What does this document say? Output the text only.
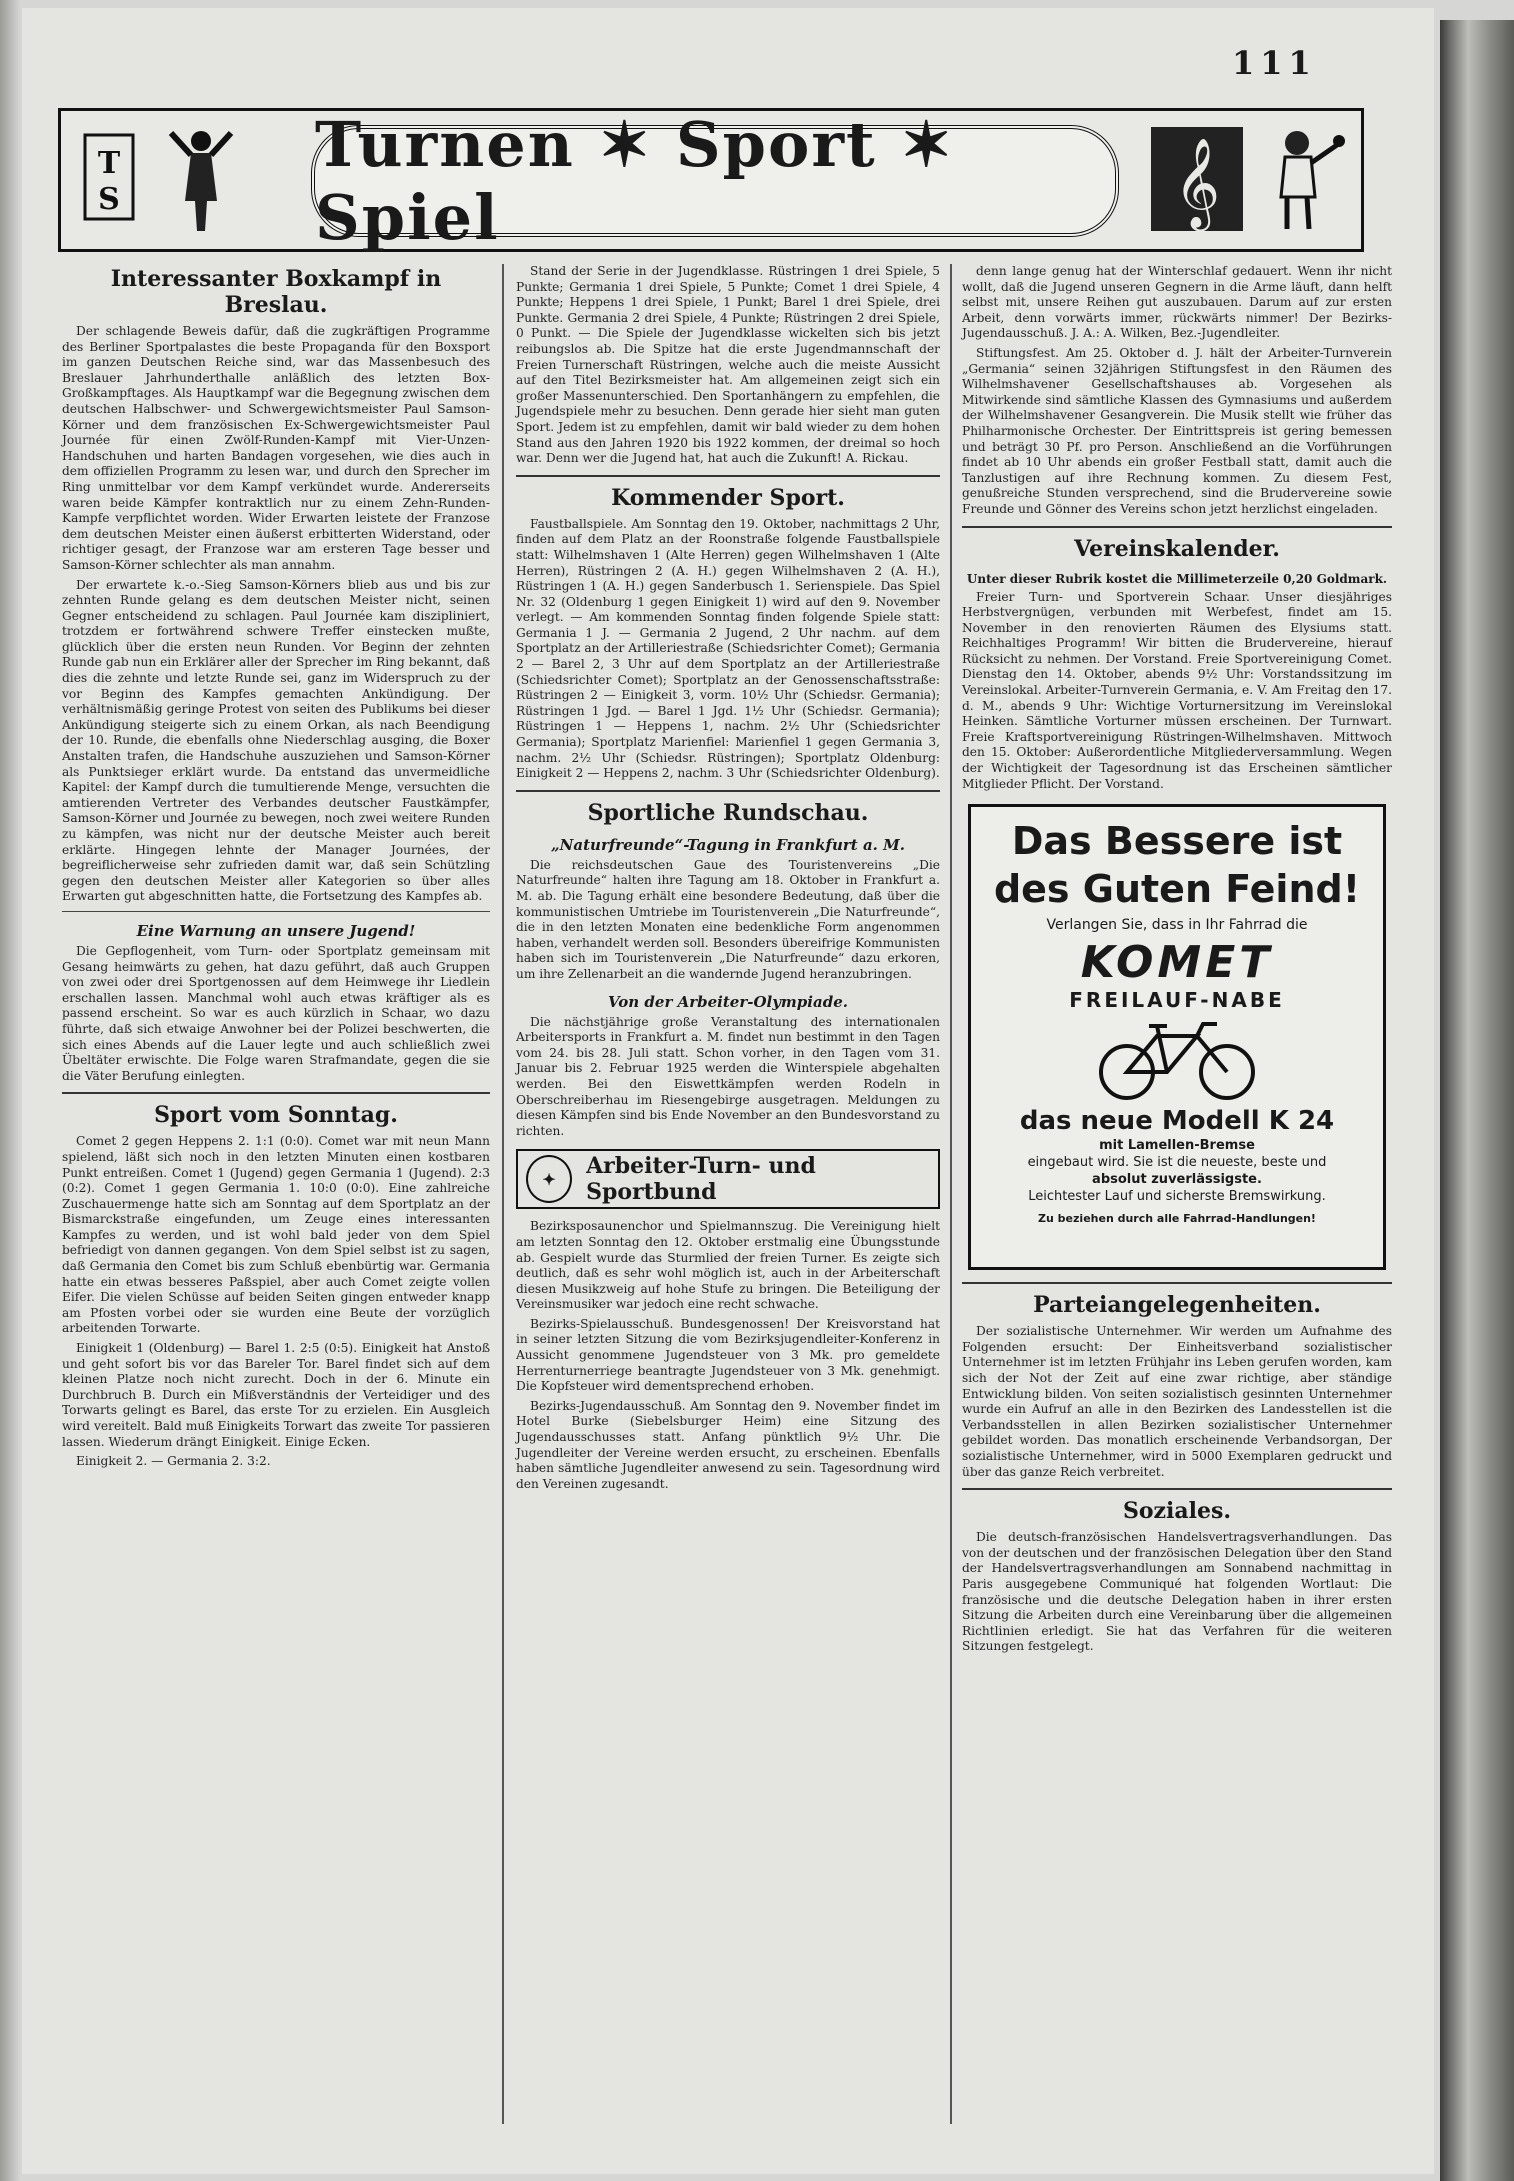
111
T
S
Turnen ✶ Sport ✶ Spiel	𝄞
Interessanter Boxkampf in Breslau.

Der schlagende Beweis dafür, daß die zugkräftigen Programme des Berliner Sportpalastes die beste Propaganda für den Boxsport im ganzen Deutschen Reiche sind, war das Massenbesuch des Breslauer Jahrhunderthalle anläßlich des letzten Box-Großkampftages. Als Hauptkampf war die Begegnung zwischen dem deutschen Halbschwer- und Schwergewichtsmeister Paul Samson-Körner und dem französischen Ex-Schwergewichtsmeister Paul Journée für einen Zwölf-Runden-Kampf mit Vier-Unzen-Handschuhen und harten Bandagen vorgesehen, wie dies auch in dem offiziellen Programm zu lesen war, und durch den Sprecher im Ring unmittelbar vor dem Kampf verkündet wurde. Andererseits waren beide Kämpfer kontraktlich nur zu einem Zehn-Runden-Kampfe verpflichtet worden. Wider Erwarten leistete der Franzose dem deutschen Meister einen äußerst erbitterten Widerstand, oder richtiger gesagt, der Franzose war am ersteren Tage besser und Samson-Körner schlechter als man annahm.

Der erwartete k.-o.-Sieg Samson-Körners blieb aus und bis zur zehnten Runde gelang es dem deutschen Meister nicht, seinen Gegner entscheidend zu schlagen. Paul Journée kam diszipliniert, trotzdem er fortwährend schwere Treffer einstecken mußte, glücklich über die ersten neun Runden. Vor Beginn der zehnten Runde gab nun ein Erklärer aller der Sprecher im Ring bekannt, daß dies die zehnte und letzte Runde sei, ganz im Widerspruch zu der vor Beginn des Kampfes gemachten Ankündigung. Der verhältnismäßig geringe Protest von seiten des Publikums bei dieser Ankündigung steigerte sich zu einem Orkan, als nach Beendigung der 10. Runde, die ebenfalls ohne Niederschlag ausging, die Boxer Anstalten trafen, die Handschuhe auszuziehen und Samson-Körner als Punktsieger erklärt wurde. Da entstand das unvermeidliche Kapitel: der Kampf durch die tumultierende Menge, versuchten die amtierenden Vertreter des Verbandes deutscher Faustkämpfer, Samson-Körner und Journée zu bewegen, noch zwei weitere Runden zu kämpfen, was nicht nur der deutsche Meister auch bereit erklärte. Hingegen lehnte der Manager Journées, der begreiflicherweise sehr zufrieden damit war, daß sein Schützling gegen den deutschen Meister aller Kategorien so über alles Erwarten gut abgeschnitten hatte, die Fortsetzung des Kampfes ab.

Eine Warnung an unsere Jugend!

Die Gepflogenheit, vom Turn- oder Sportplatz gemeinsam mit Gesang heimwärts zu gehen, hat dazu geführt, daß auch Gruppen von zwei oder drei Sportgenossen auf dem Heimwege ihr Liedlein erschallen lassen. Manchmal wohl auch etwas kräftiger als es passend erscheint. So war es auch kürzlich in Schaar, wo dazu führte, daß sich etwaige Anwohner bei der Polizei beschwerten, die sich eines Abends auf die Lauer legte und auch schließlich zwei Übeltäter erwischte. Die Folge waren Strafmandate, gegen die sie die Väter Berufung einlegten.

Sport vom Sonntag.

Comet 2 gegen Heppens 2. 1:1 (0:0). Comet war mit neun Mann spielend, läßt sich noch in den letzten Minuten einen kostbaren Punkt entreißen. Comet 1 (Jugend) gegen Germania 1 (Jugend). 2:3 (0:2). Comet 1 gegen Germania 1. 10:0 (0:0). Eine zahlreiche Zuschauermenge hatte sich am Sonntag auf dem Sportplatz an der Bismarckstraße eingefunden, um Zeuge eines interessanten Kampfes zu werden, und ist wohl bald jeder von dem Spiel befriedigt von dannen gegangen. Von dem Spiel selbst ist zu sagen, daß Germania den Comet bis zum Schluß ebenbürtig war. Germania hatte ein etwas besseres Paßspiel, aber auch Comet zeigte vollen Eifer. Die vielen Schüsse auf beiden Seiten gingen entweder knapp am Pfosten vorbei oder sie wurden eine Beute der vorzüglich arbeitenden Torwarte.

Einigkeit 1 (Oldenburg) — Barel 1. 2:5 (0:5). Einigkeit hat Anstoß und geht sofort bis vor das Bareler Tor. Barel findet sich auf dem kleinen Platze noch nicht zurecht. Doch in der 6. Minute ein Durchbruch B. Durch ein Mißverständnis der Verteidiger und des Torwarts gelingt es Barel, das erste Tor zu erzielen. Ein Ausgleich wird vereitelt. Bald muß Einigkeits Torwart das zweite Tor passieren lassen. Wiederum drängt Einigkeit. Einige Ecken.

Einigkeit 2. — Germania 2. 3:2.

Stand der Serie in der Jugendklasse. Rüstringen 1 drei Spiele, 5 Punkte; Germania 1 drei Spiele, 5 Punkte; Comet 1 drei Spiele, 4 Punkte; Heppens 1 drei Spiele, 1 Punkt; Barel 1 drei Spiele, drei Punkte. Germania 2 drei Spiele, 4 Punkte; Rüstringen 2 drei Spiele, 0 Punkt. — Die Spiele der Jugendklasse wickelten sich bis jetzt reibungslos ab. Die Spitze hat die erste Jugendmannschaft der Freien Turnerschaft Rüstringen, welche auch die meiste Aussicht auf den Titel Bezirksmeister hat. Am allgemeinen zeigt sich ein großer Massenunterschied. Den Sportanhängern zu empfehlen, die Jugendspiele mehr zu besuchen. Denn gerade hier sieht man guten Sport. Jedem ist zu empfehlen, damit wir bald wieder zu dem hohen Stand aus den Jahren 1920 bis 1922 kommen, der dreimal so hoch war. Denn wer die Jugend hat, hat auch die Zukunft! A. Rickau.

Kommender Sport.

Faustballspiele. Am Sonntag den 19. Oktober, nachmittags 2 Uhr, finden auf dem Platz an der Roonstraße folgende Faustballspiele statt: Wilhelmshaven 1 (Alte Herren) gegen Wilhelmshaven 1 (Alte Herren), Rüstringen 2 (A. H.) gegen Wilhelmshaven 2 (A. H.), Rüstringen 1 (A. H.) gegen Sanderbusch 1. Serienspiele. Das Spiel Nr. 32 (Oldenburg 1 gegen Einigkeit 1) wird auf den 9. November verlegt. — Am kommenden Sonntag finden folgende Spiele statt: Germania 1 J. — Germania 2 Jugend, 2 Uhr nachm. auf dem Sportplatz an der Artilleriestraße (Schiedsrichter Comet); Germania 2 — Barel 2, 3 Uhr auf dem Sportplatz an der Artilleriestraße (Schiedsrichter Comet); Sportplatz an der Genossenschaftsstraße: Rüstringen 2 — Einigkeit 3, vorm. 10½ Uhr (Schiedsr. Germania); Rüstringen 1 Jgd. — Barel 1 Jgd. 1½ Uhr (Schiedsr. Germania); Rüstringen 1 — Heppens 1, nachm. 2½ Uhr (Schiedsrichter Germania); Sportplatz Marienfiel: Marienfiel 1 gegen Germania 3, nachm. 2½ Uhr (Schiedsr. Rüstringen); Sportplatz Oldenburg: Einigkeit 2 — Heppens 2, nachm. 3 Uhr (Schiedsrichter Oldenburg).

Sportliche Rundschau.
„Naturfreunde“-Tagung in Frankfurt a. M.

Die reichsdeutschen Gaue des Touristenvereins „Die Naturfreunde“ halten ihre Tagung am 18. Oktober in Frankfurt a. M. ab. Die Tagung erhält eine besondere Bedeutung, daß über die kommunistischen Umtriebe im Touristenverein „Die Naturfreunde“, die in den letzten Monaten eine bedenkliche Form angenommen haben, verhandelt werden soll. Besonders übereifrige Kommunisten haben sich im Touristenverein „Die Naturfreunde“ dazu erkoren, um ihre Zellenarbeit an die wandernde Jugend heranzubringen.

Von der Arbeiter-Olympiade.

Die nächstjährige große Veranstaltung des internationalen Arbeitersports in Frankfurt a. M. findet nun bestimmt in den Tagen vom 24. bis 28. Juli statt. Schon vorher, in den Tagen vom 31. Januar bis 2. Februar 1925 werden die Winterspiele abgehalten werden. Bei den Eiswettkämpfen werden Rodeln in Oberschreiberhau im Riesengebirge ausgetragen. Meldungen zu diesen Kämpfen sind bis Ende November an den Bundesvorstand zu richten.

✦	Arbeiter-Turn- und Sportbund

Bezirksposaunenchor und Spielmannszug. Die Vereinigung hielt am letzten Sonntag den 12. Oktober erstmalig eine Übungsstunde ab. Gespielt wurde das Sturmlied der freien Turner. Es zeigte sich deutlich, daß es sehr wohl möglich ist, auch in der Arbeiterschaft diesen Musikzweig auf hohe Stufe zu bringen. Die Beteiligung der Vereinsmusiker war jedoch eine recht schwache.

Bezirks-Spielausschuß. Bundesgenossen! Der Kreisvorstand hat in seiner letzten Sitzung die vom Bezirksjugendleiter-Konferenz in Aussicht genommene Jugendsteuer von 3 Mk. pro gemeldete Herrenturnerriege beantragte Jugendsteuer von 3 Mk. genehmigt. Die Kopfsteuer wird dementsprechend erhoben.

Bezirks-Jugendausschuß. Am Sonntag den 9. November findet im Hotel Burke (Siebelsburger Heim) eine Sitzung des Jugendausschusses statt. Anfang pünktlich 9½ Uhr. Die Jugendleiter der Vereine werden ersucht, zu erscheinen. Ebenfalls haben sämtliche Jugendleiter anwesend zu sein. Tagesordnung wird den Vereinen zugesandt.

denn lange genug hat der Winterschlaf gedauert. Wenn ihr nicht wollt, daß die Jugend unseren Gegnern in die Arme läuft, dann helft selbst mit, unsere Reihen gut auszubauen. Darum auf zur ersten Arbeit, denn vorwärts immer, rückwärts nimmer! Der Bezirks-Jugendausschuß. J. A.: A. Wilken, Bez.-Jugendleiter.

Stiftungsfest. Am 25. Oktober d. J. hält der Arbeiter-Turnverein „Germania“ seinen 32jährigen Stiftungsfest in den Räumen des Wilhelmshavener Gesellschaftshauses ab. Vorgesehen als Mitwirkende sind sämtliche Klassen des Gymnasiums und außerdem der Wilhelmshavener Gesangverein. Die Musik stellt wie früher das Philharmonische Orchester. Der Eintrittspreis ist gering bemessen und beträgt 30 Pf. pro Person. Anschließend an die Vorführungen findet ab 10 Uhr abends ein großer Festball statt, damit auch die Tanzlustigen auf ihre Rechnung kommen. Zu diesem Fest, genußreiche Stunden versprechend, sind die Brudervereine sowie Freunde und Gönner des Vereins schon jetzt herzlichst eingeladen.

Vereinskalender.
Unter dieser Rubrik kostet die Millimeterzeile 0,20 Goldmark.

Freier Turn- und Sportverein Schaar. Unser diesjähriges Herbstvergnügen, verbunden mit Werbefest, findet am 15. November in den renovierten Räumen des Elysiums statt. Reichhaltiges Programm! Wir bitten die Brudervereine, hierauf Rücksicht zu nehmen. Der Vorstand. Freie Sportvereinigung Comet. Dienstag den 14. Oktober, abends 9½ Uhr: Vorstandssitzung im Vereinslokal. Arbeiter-Turnverein Germania, e. V. Am Freitag den 17. d. M., abends 9 Uhr: Wichtige Vorturnersitzung im Vereinslokal Heinken. Sämtliche Vorturner müssen erscheinen. Der Turnwart. Freie Kraftsportvereinigung Rüstringen-Wilhelmshaven. Mittwoch den 15. Oktober: Außerordentliche Mitgliederversammlung. Wegen der Wichtigkeit der Tagesordnung ist das Erscheinen sämtlicher Mitglieder Pflicht. Der Vorstand.

Das Bessere ist
des Guten Feind!
Verlangen Sie, dass in Ihr Fahrrad die
KOMET
FREILAUF-NABE
das neue Modell K 24
mit Lamellen-Bremse
eingebaut wird. Sie ist die neueste, beste und
absolut zuverlässigste.
Leichtester Lauf und sicherste Bremswirkung.
Zu beziehen durch alle Fahrrad-Handlungen!
Parteiangelegenheiten.

Der sozialistische Unternehmer. Wir werden um Aufnahme des Folgenden ersucht: Der Einheitsverband sozialistischer Unternehmer ist im letzten Frühjahr ins Leben gerufen worden, kam sich der Not der Zeit auf eine zwar richtige, aber ständige Entwicklung bilden. Von seiten sozialistisch gesinnten Unternehmer wurde ein Aufruf an alle in den Bezirken des Landesstellen ist die Verbandsstellen in allen Bezirken sozialistischer Unternehmer gebildet worden. Das monatlich erscheinende Verbandsorgan, Der sozialistische Unternehmer, wird in 5000 Exemplaren gedruckt und über das ganze Reich verbreitet.

Soziales.

Die deutsch-französischen Handelsvertragsverhandlungen. Das von der deutschen und der französischen Delegation über den Stand der Handelsvertragsverhandlungen am Sonnabend nachmittag in Paris ausgegebene Communiqué hat folgenden Wortlaut: Die französische und die deutsche Delegation haben in ihrer ersten Sitzung die Arbeiten durch eine Vereinbarung über die allgemeinen Richtlinien erledigt. Sie hat das Verfahren für die weiteren Sitzungen festgelegt.
